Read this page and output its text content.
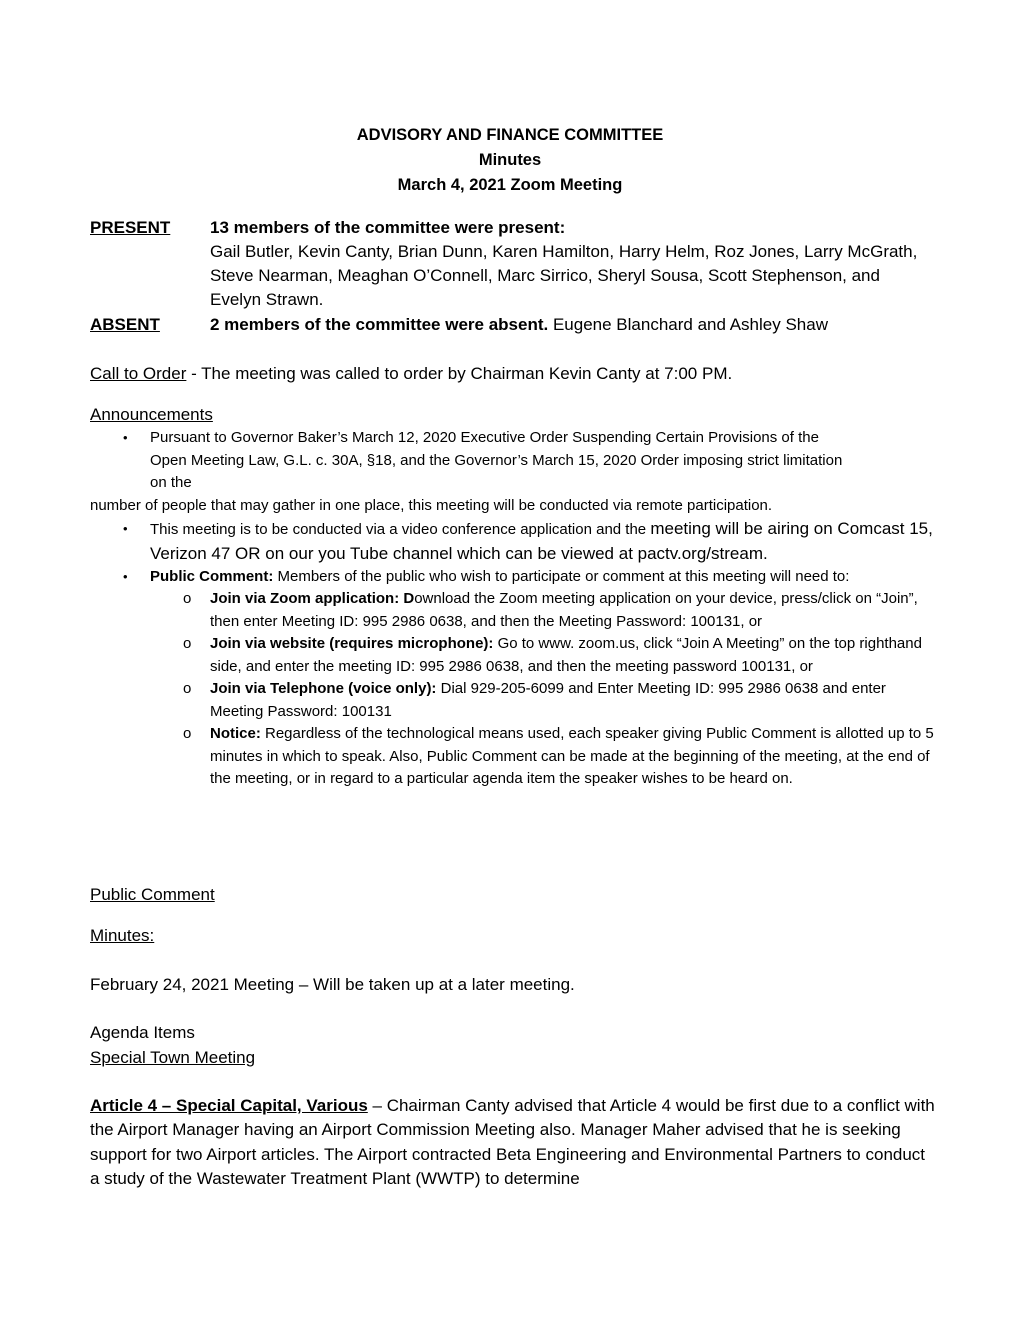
ADVISORY AND FINANCE COMMITTEE
Minutes
March 4, 2021 Zoom Meeting
PRESENT	13 members of the committee were present:
Gail Butler, Kevin Canty, Brian Dunn, Karen Hamilton, Harry Helm, Roz Jones, Larry McGrath, Steve Nearman, Meaghan O’Connell, Marc Sirrico, Sheryl Sousa, Scott Stephenson, and Evelyn Strawn.
ABSENT	2 members of the committee were absent. Eugene Blanchard and Ashley Shaw
Call to Order - The meeting was called to order by Chairman Kevin Canty at 7:00 PM.
Announcements
• Pursuant to Governor Baker’s March 12, 2020 Executive Order Suspending Certain Provisions of the
Open Meeting Law, G.L. c. 30A, §18, and the Governor’s March 15, 2020 Order imposing strict limitation
on the
number of people that may gather in one place, this meeting will be conducted via remote participation.
• This meeting is to be conducted via a video conference application and the meeting will be airing on Comcast 15, Verizon 47 OR on our you Tube channel which can be viewed at pactv.org/stream.
• Public Comment: Members of the public who wish to participate or comment at this meeting will need to:
o Join via Zoom application: Download the Zoom meeting application on your device, press/click on “Join”, then enter Meeting ID: 995 2986 0638, and then the Meeting Password: 100131, or
o Join via website (requires microphone): Go to www. zoom.us, click “Join A Meeting” on the top righthand side, and enter the meeting ID: 995 2986 0638, and then the meeting password 100131, or
o Join via Telephone (voice only): Dial 929-205-6099 and Enter Meeting ID: 995 2986 0638 and enter Meeting Password: 100131
o Notice: Regardless of the technological means used, each speaker giving Public Comment is allotted up to 5 minutes in which to speak. Also, Public Comment can be made at the beginning of the meeting, at the end of the meeting, or in regard to a particular agenda item the speaker wishes to be heard on.
Public Comment
Minutes:
February 24, 2021 Meeting – Will be taken up at a later meeting.
Agenda Items
Special Town Meeting
Article 4 – Special Capital, Various – Chairman Canty advised that Article 4 would be first due to a conflict with the Airport Manager having an Airport Commission Meeting also. Manager Maher advised that he is seeking support for two Airport articles. The Airport contracted Beta Engineering and Environmental Partners to conduct a study of the Wastewater Treatment Plant (WWTP) to determine
